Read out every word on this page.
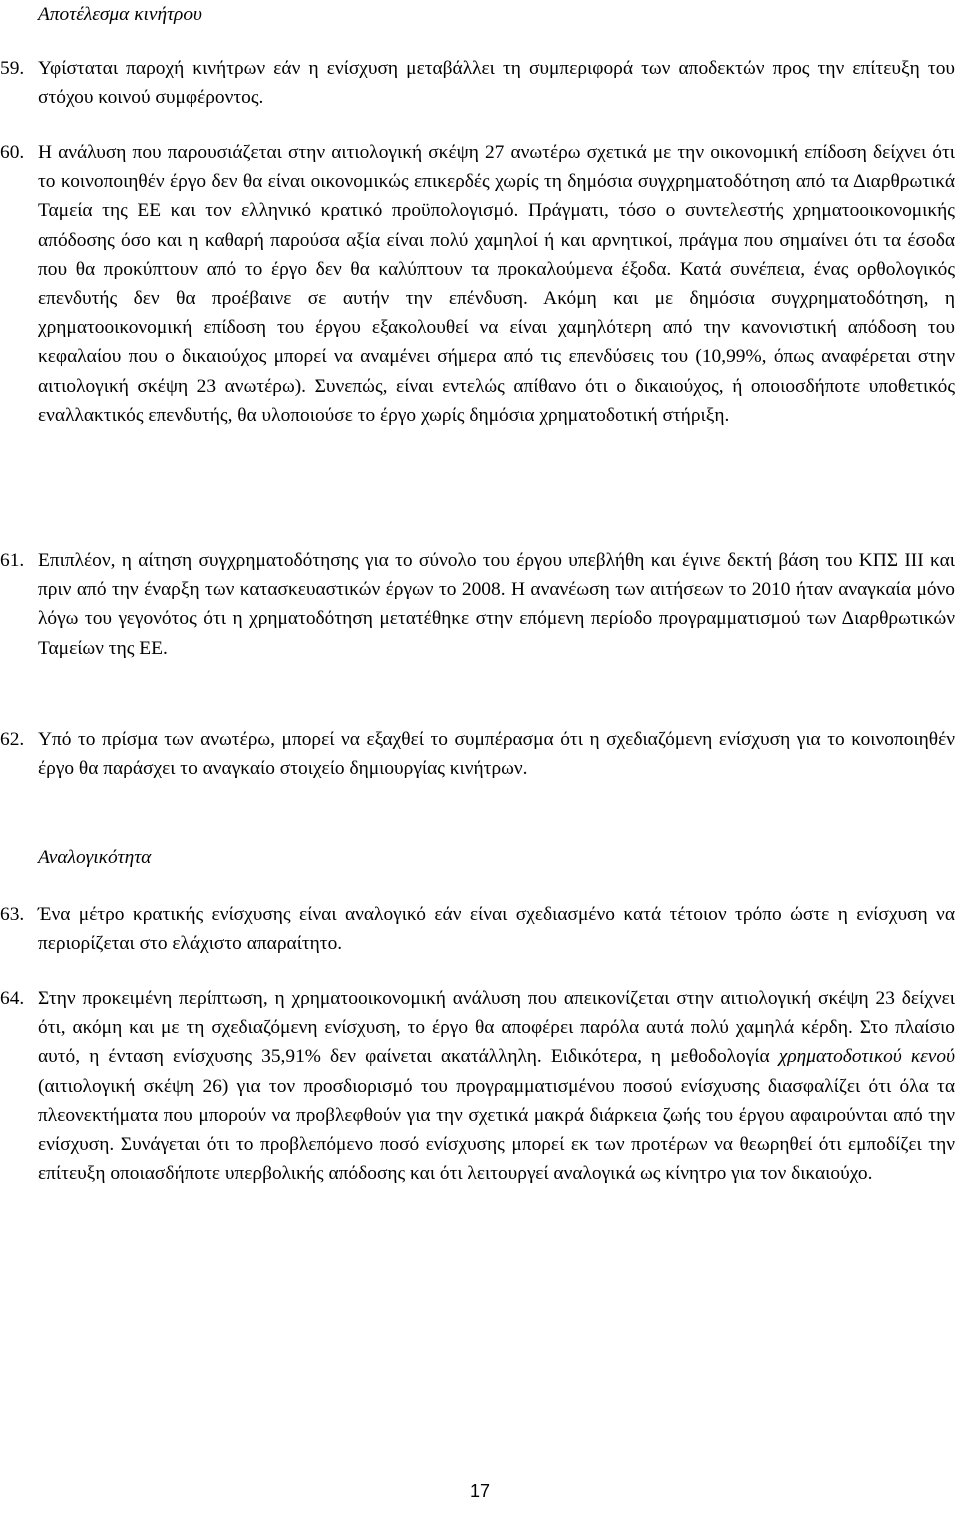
Αποτέλεσμα κινήτρου

59. Υφίσταται παροχή κινήτρων εάν η ενίσχυση μεταβάλλει τη συμπεριφορά των αποδεκτών προς την επίτευξη του στόχου κοινού συμφέροντος.
60. Η ανάλυση που παρουσιάζεται στην αιτιολογική σκέψη 27 ανωτέρω σχετικά με την οικονομική επίδοση δείχνει ότι το κοινοποιηθέν έργο δεν θα είναι οικονομικώς επικερδές χωρίς τη δημόσια συγχρηματοδότηση από τα Διαρθρωτικά Ταμεία της ΕΕ και τον ελληνικό κρατικό προϋπολογισμό. Πράγματι, τόσο ο συντελεστής χρηματοοικονομικής απόδοσης όσο και η καθαρή παρούσα αξία είναι πολύ χαμηλοί ή και αρνητικοί, πράγμα που σημαίνει ότι τα έσοδα που θα προκύπτουν από το έργο δεν θα καλύπτουν τα προκαλούμενα έξοδα. Κατά συνέπεια, ένας ορθολογικός επενδυτής δεν θα προέβαινε σε αυτήν την επένδυση. Ακόμη και με δημόσια συγχρηματοδότηση, η χρηματοοικονομική επίδοση του έργου εξακολουθεί να είναι χαμηλότερη από την κανονιστική απόδοση του κεφαλαίου που ο δικαιούχος μπορεί να αναμένει σήμερα από τις επενδύσεις του (10,99%, όπως αναφέρεται στην αιτιολογική σκέψη 23 ανωτέρω). Συνεπώς, είναι εντελώς απίθανο ότι ο δικαιούχος, ή οποιοσδήποτε υποθετικός εναλλακτικός επενδυτής, θα υλοποιούσε το έργο χωρίς δημόσια χρηματοδοτική στήριξη.
61. Επιπλέον, η αίτηση συγχρηματοδότησης για το σύνολο του έργου υπεβλήθη και έγινε δεκτή βάση του ΚΠΣ ΙΙΙ και πριν από την έναρξη των κατασκευαστικών έργων το 2008. Η ανανέωση των αιτήσεων το 2010 ήταν αναγκαία μόνο λόγω του γεγονότος ότι η χρηματοδότηση μετατέθηκε στην επόμενη περίοδο προγραμματισμού των Διαρθρωτικών Ταμείων της ΕΕ.
62. Υπό το πρίσμα των ανωτέρω, μπορεί να εξαχθεί το συμπέρασμα ότι η σχεδιαζόμενη ενίσχυση για το κοινοποιηθέν έργο θα παράσχει το αναγκαίο στοιχείο δημιουργίας κινήτρων.

Αναλογικότητα

63. Ένα μέτρο κρατικής ενίσχυσης είναι αναλογικό εάν είναι σχεδιασμένο κατά τέτοιον τρόπο ώστε η ενίσχυση να περιορίζεται στο ελάχιστο απαραίτητο.
64. Στην προκειμένη περίπτωση, η χρηματοοικονομική ανάλυση που απεικονίζεται στην αιτιολογική σκέψη 23 δείχνει ότι, ακόμη και με τη σχεδιαζόμενη ενίσχυση, το έργο θα αποφέρει παρόλα αυτά πολύ χαμηλά κέρδη. Στο πλαίσιο αυτό, η ένταση ενίσχυσης 35,91% δεν φαίνεται ακατάλληλη. Ειδικότερα, η μεθοδολογία χρηματοδοτικού κενού (αιτιολογική σκέψη 26) για τον προσδιορισμό του προγραμματισμένου ποσού ενίσχυσης διασφαλίζει ότι όλα τα πλεονεκτήματα που μπορούν να προβλεφθούν για την σχετικά μακρά διάρκεια ζωής του έργου αφαιρούνται από την ενίσχυση. Συνάγεται ότι το προβλεπόμενο ποσό ενίσχυσης μπορεί εκ των προτέρων να θεωρηθεί ότι εμποδίζει την επίτευξη οποιασδήποτε υπερβολικής απόδοσης και ότι λειτουργεί αναλογικά ως κίνητρο για τον δικαιούχο.
17
